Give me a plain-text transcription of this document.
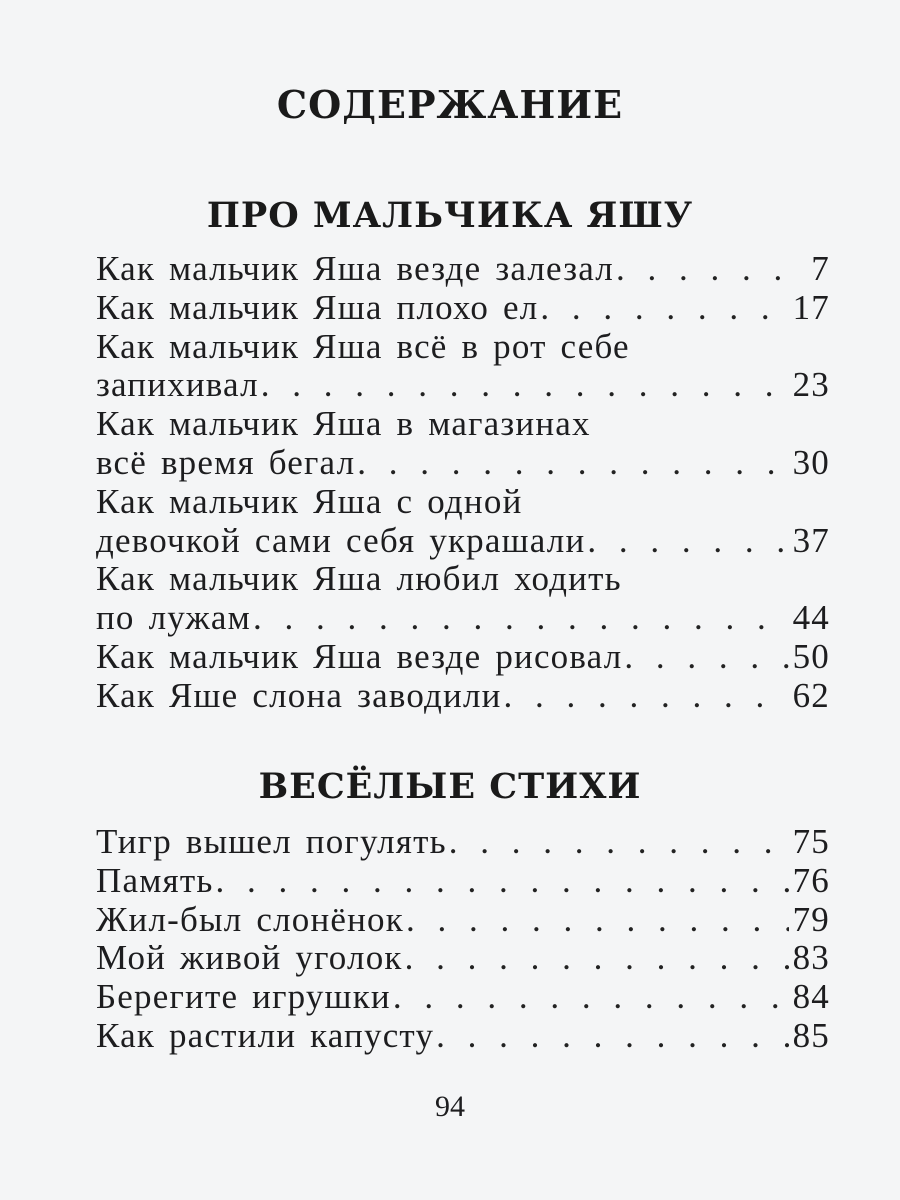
СОДЕРЖАНИЕ
ПРО МАЛЬЧИКА ЯШУ
Как мальчик Яша везде залезал . . .	7
Как мальчик Яша плохо ел . . .	17
Как мальчик Яша всё в рот себе
запихивал . . .	23
Как мальчик Яша в магазинах
всё время бегал . . .	30
Как мальчик Яша с одной
девочкой сами себя украшали . . .	37
Как мальчик Яша любил ходить
по лужам . . .	44
Как мальчик Яша везде рисовал . . .	50
Как Яше слона заводили . . .	62
ВЕСЁЛЫЕ СТИХИ
Тигр вышел погулять . . .	75
Память . . .	76
Жил-был слонёнок . . .	79
Мой живой уголок . . .	83
Берегите игрушки . . .	84
Как растили капусту . . .	85
94
